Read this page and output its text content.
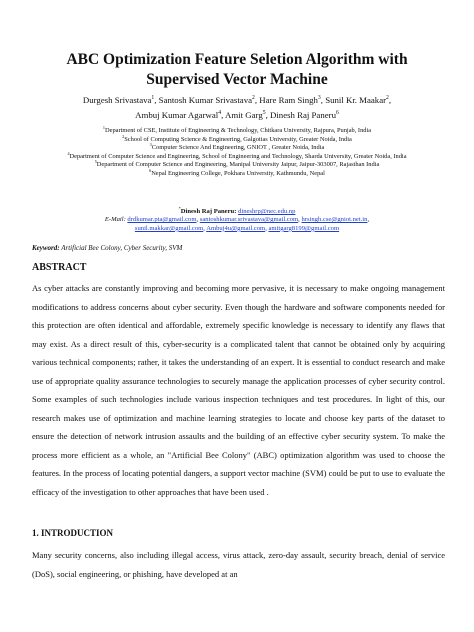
ABC Optimization Feature Seletion Algorithm with
Supervised Vector Machine
Durgesh Srivastava$^1$, Santosh Kumar Srivastava$^2$, Hare Ram Singh$^3$, Sunil Kr. Maakar$^2$,
Ambuj Kumar Agarwal$^4$, Amit Garg$^5$, Dinesh Raj Paneru$^6$
$^1$Department of CSE, Institute of Engineering & Technology, Chitkara University, Rajpura, Punjab, India
$^2$School of Computing Science & Engineering, Galgotias University, Greater Noida, India
$^3$Computer Science And Engineering, GNIOT , Greater Noida, India
$^4$Department of Computer Science and Engineering, School of Engineering and Technology, Sharda University, Greater Noida, India
$^5$Department of Computer Science and Engineering, Manipal University Jaipur, Jaipur-303007, Rajasthan India
$^6$Nepal Engineering College, Pokhara University, Kathmundu, Nepal
*Dinesh Raj Paneru: dineshrp@nec.edu.np
E-Mail: drdkumar.pta@gmail.com, santoshkumar.srivastava@gmail.com, hrsingh.cse@gniot.net.in,
sunil.makkar@gmail.com, Ambuj4u@gmail.com, amitgarg8199@gmail.com
Keyword: Artificial Bee Colony, Cyber Security, SVM
ABSTRACT
As cyber attacks are constantly improving and becoming more pervasive, it is necessary to make ongoing management modifications to address concerns about cyber security. Even though the hardware and software components needed for this protection are often identical and affordable, extremely specific knowledge is necessary to identify any flaws that may exist. As a direct result of this, cyber-security is a complicated talent that cannot be obtained only by acquiring various technical components; rather, it takes the understanding of an expert. It is essential to conduct research and make use of appropriate quality assurance technologies to securely manage the application processes of cyber security control. Some examples of such technologies include various inspection techniques and test procedures. In light of this, our research makes use of optimization and machine learning strategies to locate and choose key parts of the dataset to ensure the detection of network intrusion assaults and the building of an effective cyber security system. To make the process more efficient as a whole, an "Artificial Bee Colony" (ABC) optimization algorithm was used to choose the features. In the process of locating potential dangers, a support vector machine (SVM) could be put to use to evaluate the efficacy of the investigation to other approaches that have been used .
1. INTRODUCTION
Many security concerns, also including illegal access, virus attack, zero-day assault, security breach, denial of service (DoS), social engineering, or phishing, have developed at an
